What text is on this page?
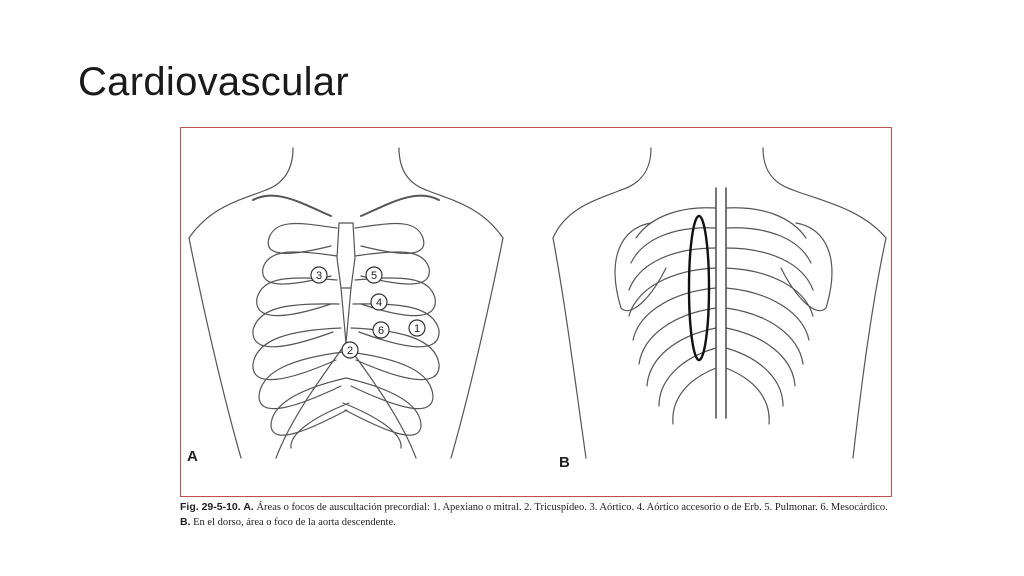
Cardiovascular
3	5
4
6	1
2
A	B
Fig. 29-5-10. A. Áreas o focos de auscultación precordial: 1. Apexiano o mitral. 2. Tricuspídeo. 3. Aórtico. 4. Aórtico accesorio o de Erb. 5. Pulmonar. 6. Mesocárdico. B. En el dorso, área o foco de la aorta descendente.
